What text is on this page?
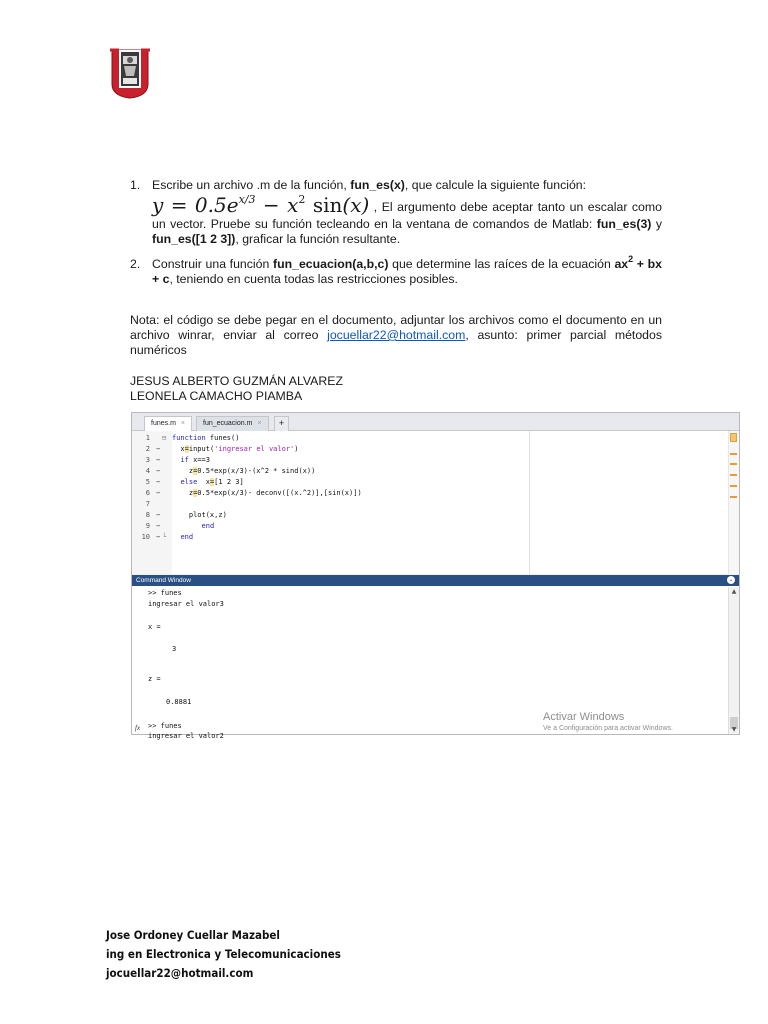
1. Escribe un archivo .m de la función, fun_es(x), que calcule la siguiente función:
$y = 0.5e^{x/3} - x^2$ sin(x) , El argumento debe aceptar tanto un escalar como un vector. Pruebe su función tecleando en la ventana de comandos de Matlab: fun_es(3) y fun_es([1 2 3]), graficar la función resultante.
2. Construir una función fun_ecuacion(a,b,c) que determine las raíces de la ecuación $ax^2$ + bx + c, teniendo en cuenta todas las restricciones posibles.
Nota: el código se debe pegar en el documento, adjuntar los archivos como el documento en un archivo winrar, enviar al correo jocuellar22@hotmail.com, asunto: primer parcial métodos numéricos
JESUS ALBERTO GUZMÁN ALVAREZ
LEONELA CAMACHO PIAMBA
funes.m ×	fun_ecuacion.m ×	+
1 ⊟ function funes()
2 − x=input('ingresar el valor')
3 −	if x==3
4 − z=0.5*exp(x/3)-(x^2 * sind(x))
5 −	else  x=[1 2 3]
6 − z=0.5*exp(x/3)- deconv([(x.^2)],[sin(x)])
7
8 −	plot(x,z)
9 −	end
10 − └	end
Command Window	⌄
>> funes
ingresar el valor3
x =
3
z =
0.8881
>> funes
ingresar el valor2
fx
Activar Windows
Ve a Configuración para activar Windows.
▲
▼
Jose Ordoney Cuellar Mazabel
ing en Electronica y Telecomunicaciones
jocuellar22@hotmail.com
